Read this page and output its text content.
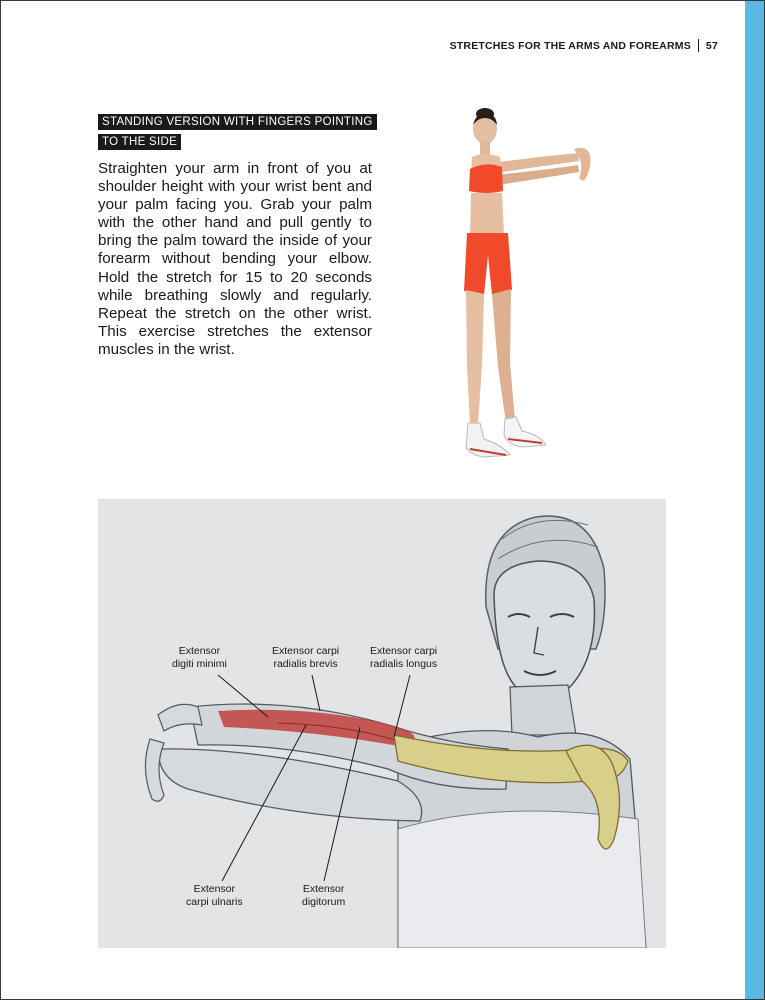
STRETCHES FOR THE ARMS AND FOREARMS 57
STANDING VERSION WITH FINGERS POINTING
TO THE SIDE
Straighten your arm in front of you at shoulder height with your wrist bent and your palm facing you. Grab your palm with the other hand and pull gently to bring the palm toward the inside of your forearm without bending your elbow. Hold the stretch for 15 to 20 seconds while breathing slowly and regularly. Repeat the stretch on the other wrist. This exercise stretches the extensor muscles in the wrist.
Extensor
digiti minimi
Extensor carpi
radialis brevis
Extensor carpi
radialis longus
Extensor
carpi ulnaris
Extensor
digitorum
